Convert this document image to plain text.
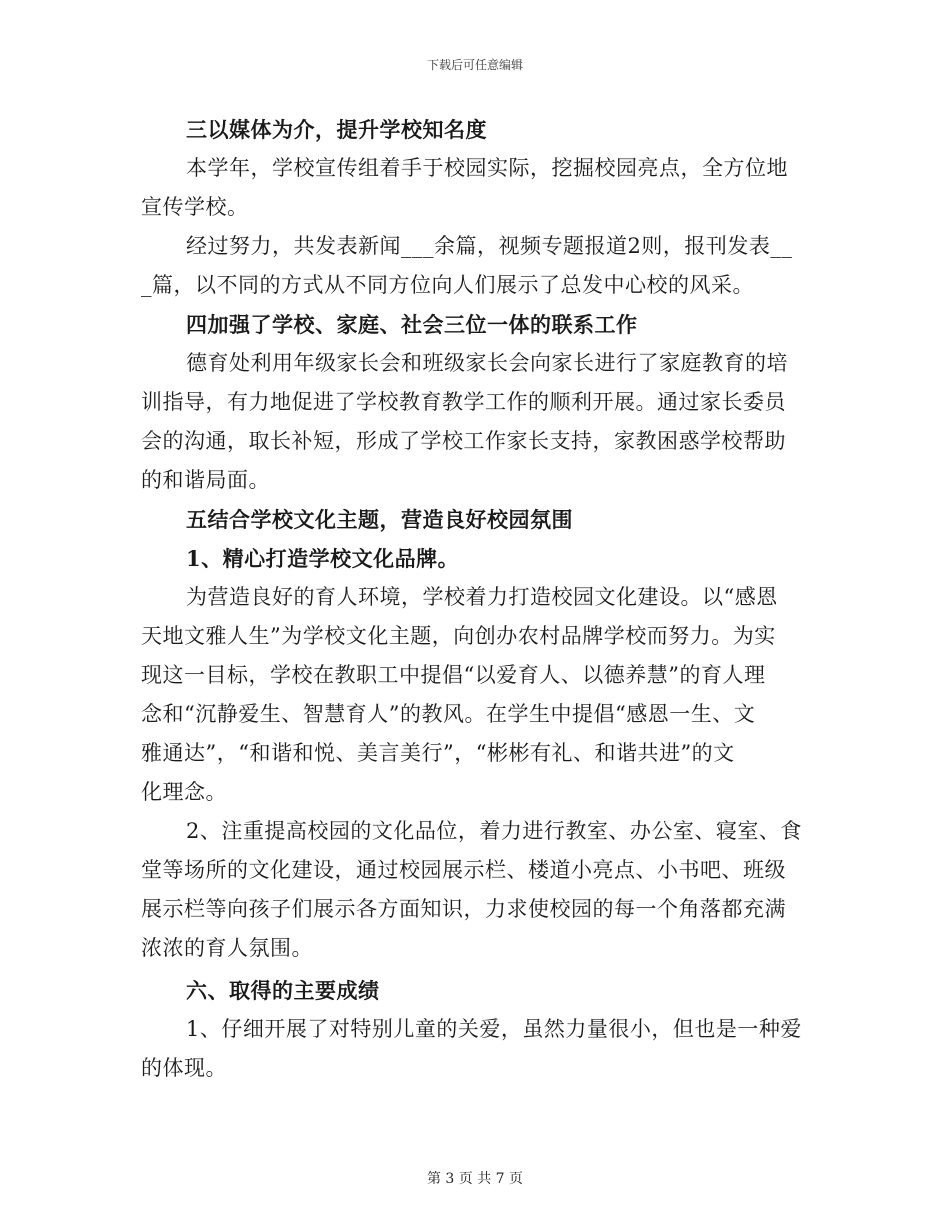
下载后可任意编辑
三以媒体为介，提升学校知名度
本学年，学校宣传组着手于校园实际，挖掘校园亮点，全方位地
宣传学校。
经过努力，共发表新闻___余篇，视频专题报道2则，报刊发表__
_篇，以不同的方式从不同方位向人们展示了总发中心校的风采。
四加强了学校、家庭、社会三位一体的联系工作
德育处利用年级家长会和班级家长会向家长进行了家庭教育的培
训指导，有力地促进了学校教育教学工作的顺利开展。通过家长委员
会的沟通，取长补短，形成了学校工作家长支持，家教困惑学校帮助
的和谐局面。
五结合学校文化主题，营造良好校园氛围
1、精心打造学校文化品牌。
为营造良好的育人环境，学校着力打造校园文化建设。以“感恩
天地文雅人生”为学校文化主题，向创办农村品牌学校而努力。为实
现这一目标，学校在教职工中提倡“以爱育人、以德养慧”的育人理
念和“沉静爱生、智慧育人”的教风。在学生中提倡“感恩一生、文
雅通达”，“和谐和悦、美言美行”，“彬彬有礼、和谐共进”的文
化理念。
2、注重提高校园的文化品位，着力进行教室、办公室、寝室、食
堂等场所的文化建设，通过校园展示栏、楼道小亮点、小书吧、班级
展示栏等向孩子们展示各方面知识，力求使校园的每一个角落都充满
浓浓的育人氛围。
六、取得的主要成绩
1、仔细开展了对特别儿童的关爱，虽然力量很小，但也是一种爱
的体现。
第 3 页 共 7 页
